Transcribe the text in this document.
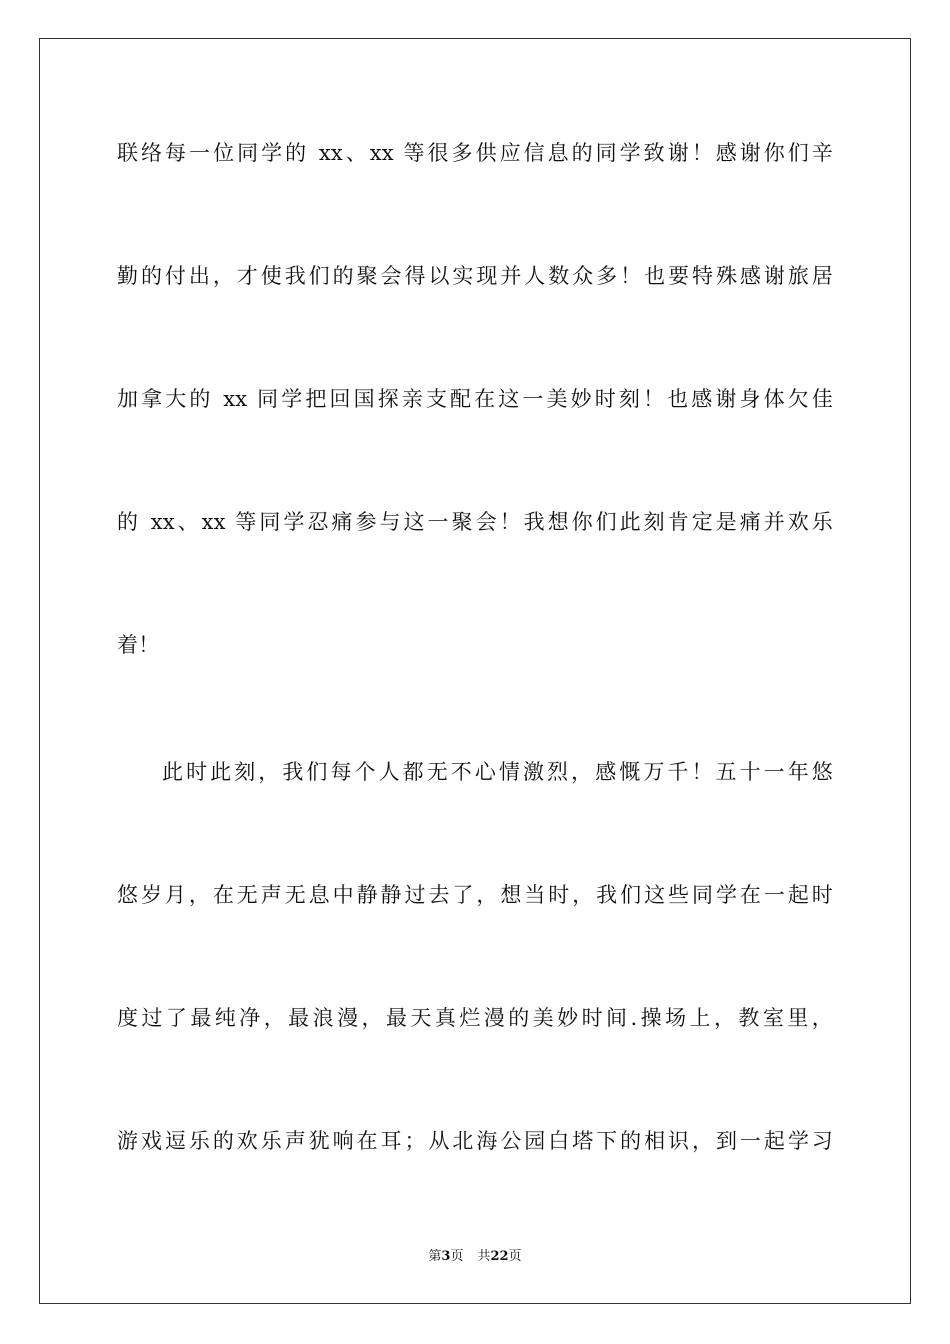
联络每一位同学的 xx、xx 等很多供应信息的同学致谢！感谢你们辛
勤的付出，才使我们的聚会得以实现并人数众多！也要特殊感谢旅居
加拿大的 xx 同学把回国探亲支配在这一美妙时刻！也感谢身体欠佳
的 xx、xx 等同学忍痛参与这一聚会！我想你们此刻肯定是痛并欢乐
着！
此时此刻，我们每个人都无不心情激烈，感慨万千！五十一年悠
悠岁月，在无声无息中静静过去了，想当时，我们这些同学在一起时
度过了最纯净，最浪漫，最天真烂漫的美妙时间.操场上，教室里，
游戏逗乐的欢乐声犹响在耳；从北海公园白塔下的相识，到一起学习
第3页 共22页
